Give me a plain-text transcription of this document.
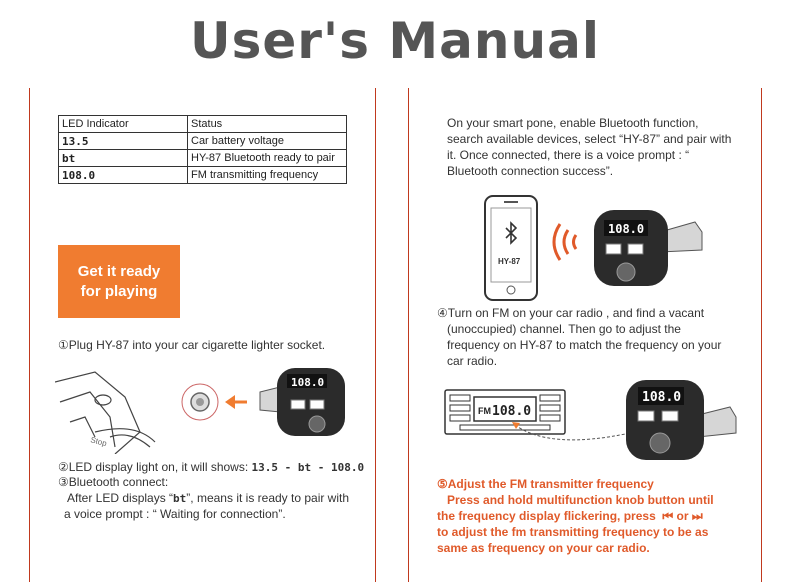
User's Manual
LED Indicator	Status
13.5	Car battery voltage
bt	HY-87 Bluetooth ready to pair
108.0	FM transmitting frequency
Get it ready
for playing
①Plug HY-87 into your car cigarette lighter socket.
Stop
108.0
②LED display light on, it will shows: 13.5 - bt - 108.0
③Bluetooth connect:
After LED displays “bt”, means it is ready to pair with
a voice prompt : “ Waiting for connection”.
On your smart pone, enable Bluetooth function,
search available devices, select “HY-87” and pair with
it. Once connected, there is a voice prompt : “
Bluetooth connection success”.
HY-87
108.0
④Turn on FM on your car radio , and find a vacant
(unoccupied) channel. Then go to adjust the
frequency on HY-87 to match the frequency on your
car radio.
FM 108.0
108.0
⑤Adjust the FM transmitter frequency
Press and hold multifunction knob button until
the frequency display flickering, press ⏮ or ⏭
to adjust the fm transmitting frequency to be as
same as frequency on your car radio.
